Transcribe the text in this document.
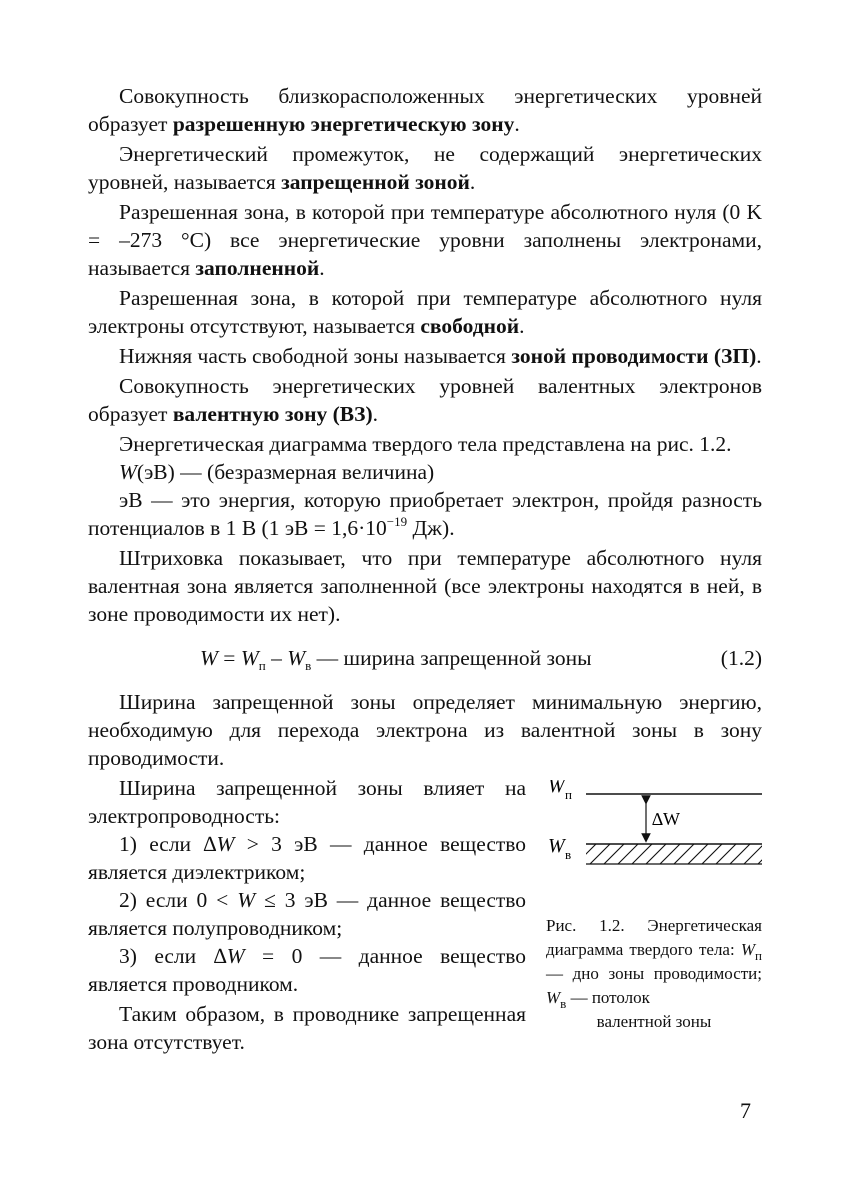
Совокупность близкорасположенных энергетических уровней образует разрешенную энергетическую зону.

Энергетический промежуток, не содержащий энергетических уровней, называется запрещенной зоной.

Разрешенная зона, в которой при температуре абсолютного нуля (0 K = –273 °C) все энергетические уровни заполнены электронами, называется заполненной.

Разрешенная зона, в которой при температуре абсолютного нуля электроны отсутствуют, называется свободной.

Нижняя часть свободной зоны называется зоной проводимости (ЗП).

Совокупность энергетических уровней валентных электронов образует валентную зону (ВЗ).

Энергетическая диаграмма твердого тела представлена на рис. 1.2.

W(эВ) — (безразмерная величина)

эВ — это энергия, которую приобретает электрон, пройдя разность потенциалов в 1 В (1 эВ = $1,6\cdot 10^{-19}$ Дж).

Штриховка показывает, что при температуре абсолютного нуля валентная зона является заполненной (все электроны находятся в ней, в зоне проводимости их нет).

$W = W_п - W_в$ — ширина запрещенной зоны	(1.2)

Ширина запрещенной зоны определяет минимальную энергию, необходимую для перехода электрона из валентной зоны в зону проводимости.

Ширина запрещенной зоны влияет на электропроводность:

1) если ∆W > 3 эВ — данное вещество является диэлектриком;

2) если 0 < W ≤ 3 эВ — данное вещество является полупроводником;

3) если ∆W = 0 — данное вещество является проводником.

Таким образом, в проводнике запрещенная зона отсутствует.

W п
W в
∆W
Рис. 1.2. Энергетическая диаграмма твердого тела: $W_п$ — дно зоны проводимости; $W_в$ — потолок
валентной зоны
7
